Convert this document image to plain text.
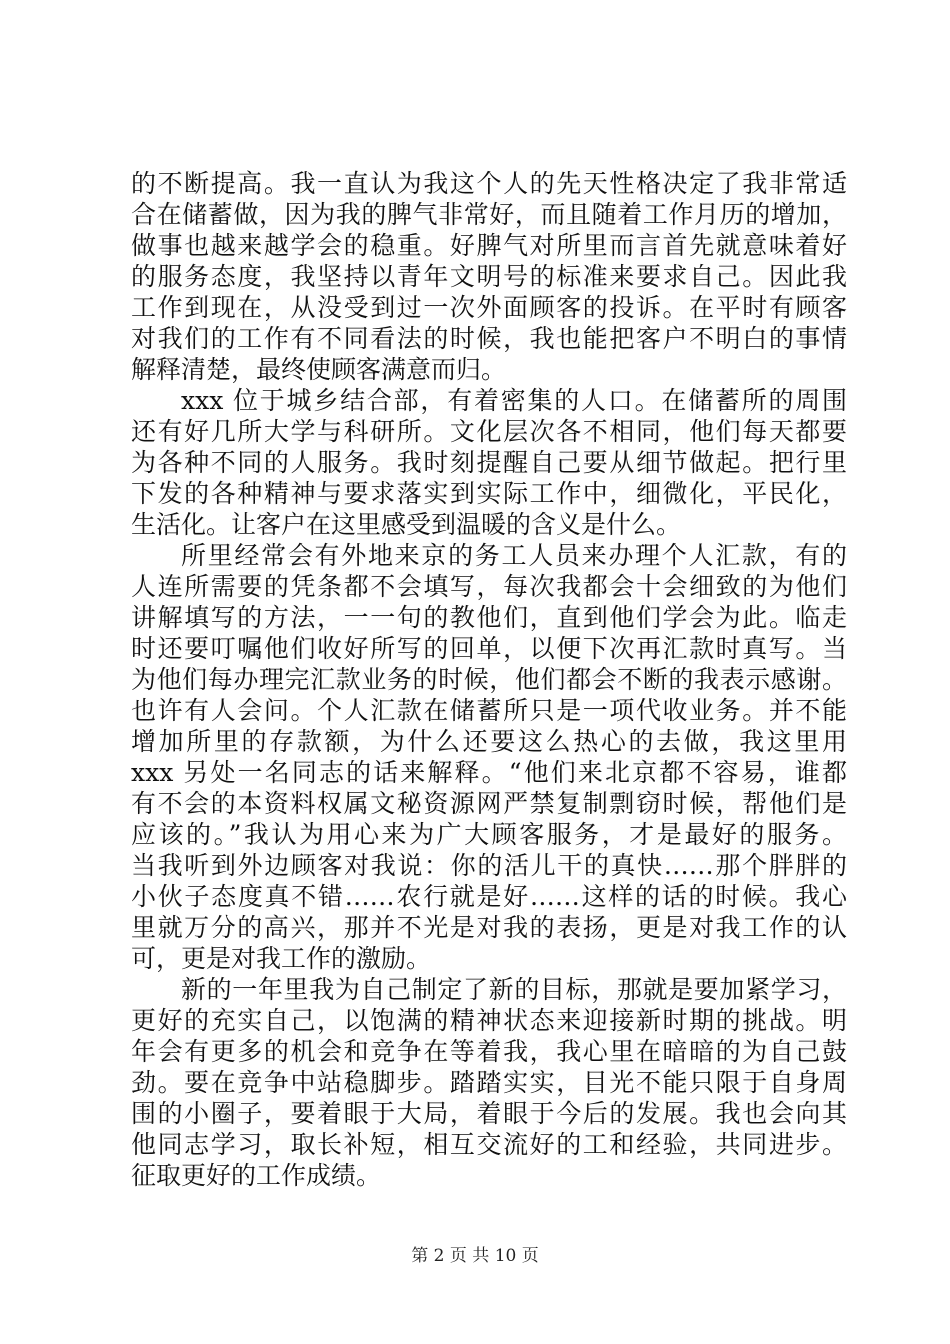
的不断提高。我一直认为我这个人的先天性格决定了我非常适
合在储蓄做，因为我的脾气非常好，而且随着工作月历的增加，
做事也越来越学会的稳重。好脾气对所里而言首先就意味着好
的服务态度，我坚持以青年文明号的标准来要求自己。因此我
工作到现在，从没受到过一次外面顾客的投诉。在平时有顾客
对我们的工作有不同看法的时候，我也能把客户不明白的事情
解释清楚，最终使顾客满意而归。
xxx 位于城乡结合部，有着密集的人口。在储蓄所的周围
还有好几所大学与科研所。文化层次各不相同，他们每天都要
为各种不同的人服务。我时刻提醒自己要从细节做起。把行里
下发的各种精神与要求落实到实际工作中，细微化，平民化，
生活化。让客户在这里感受到温暖的含义是什么。
所里经常会有外地来京的务工人员来办理个人汇款，有的
人连所需要的凭条都不会填写，每次我都会十会细致的为他们
讲解填写的方法，一一句的教他们，直到他们学会为此。临走
时还要叮嘱他们收好所写的回单，以便下次再汇款时真写。当
为他们每办理完汇款业务的时候，他们都会不断的我表示感谢。
也许有人会问。个人汇款在储蓄所只是一项代收业务。并不能
增加所里的存款额，为什么还要这么热心的去做，我这里用
xxx 另处一名同志的话来解释。“他们来北京都不容易，谁都
有不会的本资料权属文秘资源网严禁复制剽窃时候，帮他们是
应该的。”我认为用心来为广大顾客服务，才是最好的服务。
当我听到外边顾客对我说：你的活儿干的真快……那个胖胖的
小伙子态度真不错……农行就是好……这样的话的时候。我心
里就万分的高兴，那并不光是对我的表扬，更是对我工作的认
可，更是对我工作的激励。
新的一年里我为自己制定了新的目标，那就是要加紧学习，
更好的充实自己，以饱满的精神状态来迎接新时期的挑战。明
年会有更多的机会和竞争在等着我，我心里在暗暗的为自己鼓
劲。要在竞争中站稳脚步。踏踏实实，目光不能只限于自身周
围的小圈子，要着眼于大局，着眼于今后的发展。我也会向其
他同志学习，取长补短，相互交流好的工和经验，共同进步。
征取更好的工作成绩。
第 2 页 共 10 页
